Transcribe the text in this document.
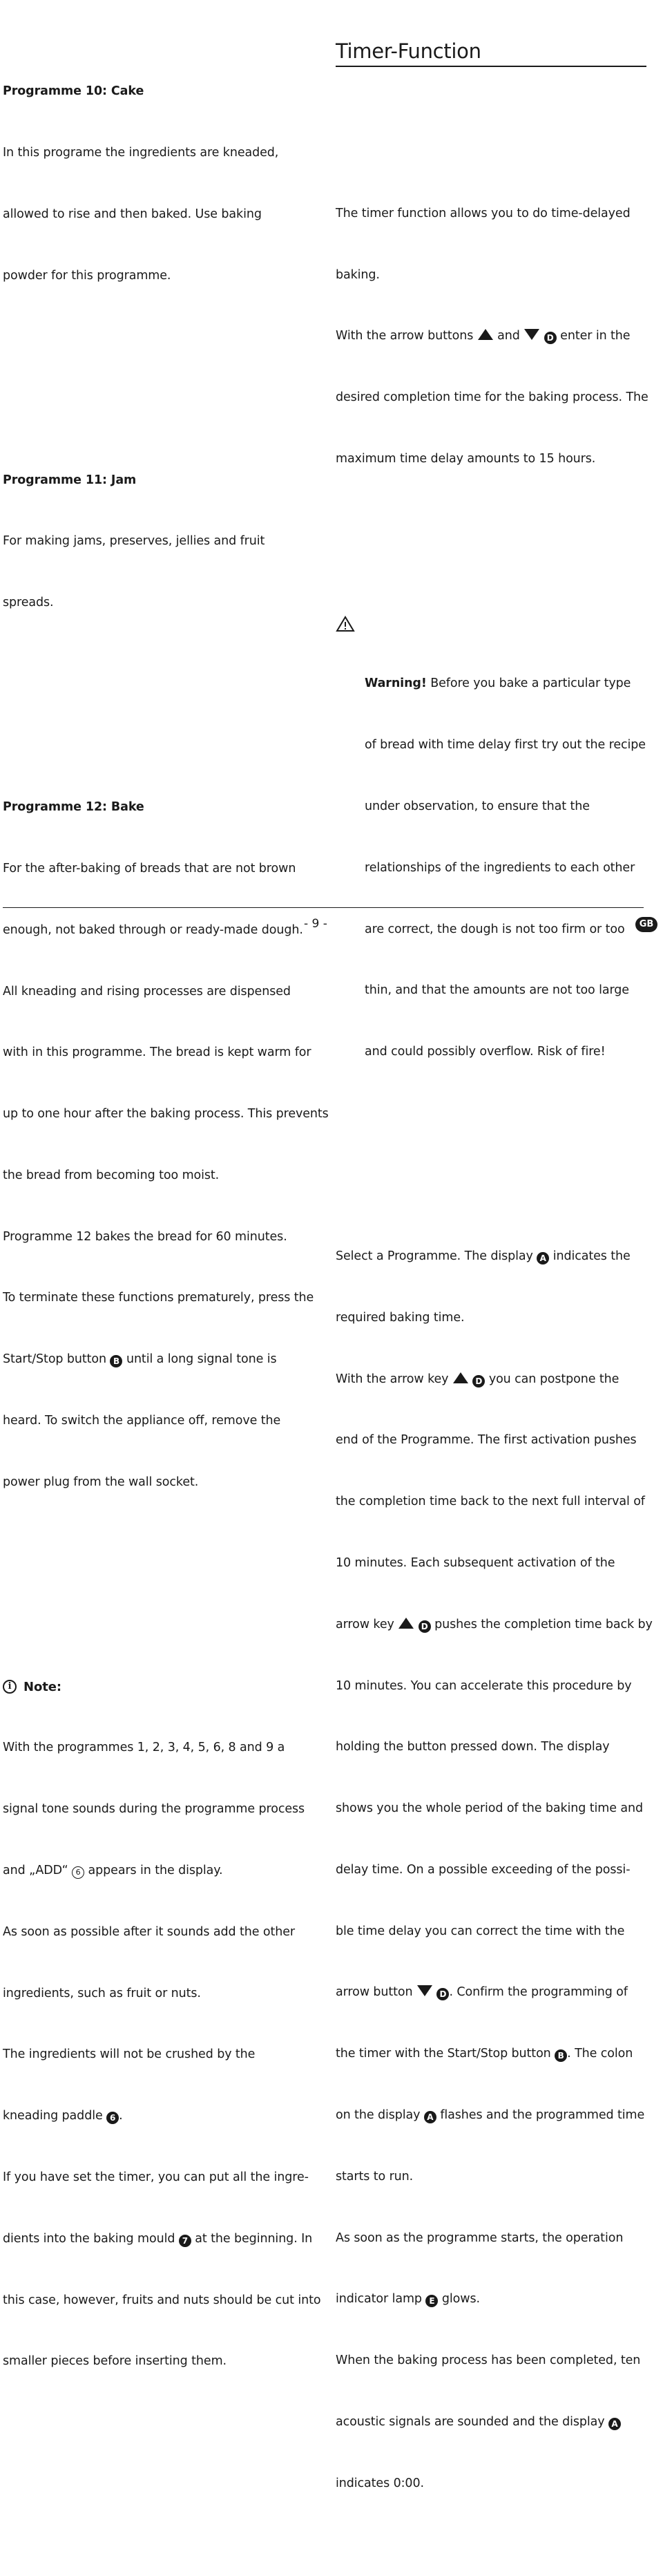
Programme 10: Cake

In this programe the ingredients are kneaded,

allowed to rise and then baked. Use baking

powder for this programme.

Programme 11: Jam

For making jams, preserves, jellies and fruit

spreads.

Programme 12: Bake

For the after-baking of breads that are not brown

enough, not baked through or ready-made dough.

All kneading and rising processes are dispensed

with in this programme. The bread is kept warm for

up to one hour after the baking process. This prevents

the bread from becoming too moist.

Programme 12 bakes the bread for 60 minutes.

To terminate these functions prematurely, press the

Start/Stop button B until a long signal tone is

heard. To switch the appliance off, remove the

power plug from the wall socket.

i Note:

With the programmes 1, 2, 3, 4, 5, 6, 8 and 9 a

signal tone sounds during the programme process

and „ADD“ 6 appears in the display.

As soon as possible after it sounds add the other

ingredients, such as fruit or nuts.

The ingredients will not be crushed by the

kneading paddle 6 .

If you have set the timer, you can put all the ingre-

dients into the baking mould 7 at the beginning. In

this case, however, fruits and nuts should be cut into

smaller pieces before inserting them.

Timer-Function

The timer function allows you to do time-delayed

baking.

With the arrow buttons  and	D enter in the

desired completion time for the baking process. The

maximum time delay amounts to 15 hours.

Warning! Before you bake a particular type

of bread with time delay first try out the recipe

under observation, to ensure that the

relationships of the ingredients to each other

are correct, the dough is not too firm or too

thin, and that the amounts are not too large

and could possibly overflow. Risk of fire!

Select a Programme. The display A indicates the

required baking time.

With the arrow key	D you can postpone the

end of the Programme. The first activation pushes

the completion time back to the next full interval of

10 minutes. Each subsequent activation of the

arrow key	D pushes the completion time back by

10 minutes. You can accelerate this procedure by

holding the button pressed down. The display

shows you the whole period of the baking time and

delay time. On a possible exceeding of the possi-

ble time delay you can correct the time with the

arrow button	D . Confirm the programming of

the timer with the Start/Stop button B . The colon

on the display A flashes and the programmed time

starts to run.

As soon as the programme starts, the operation

indicator lamp E glows.

When the baking process has been completed, ten

acoustic signals are sounded and the display A

indicates 0:00.

- 9 -	GB
